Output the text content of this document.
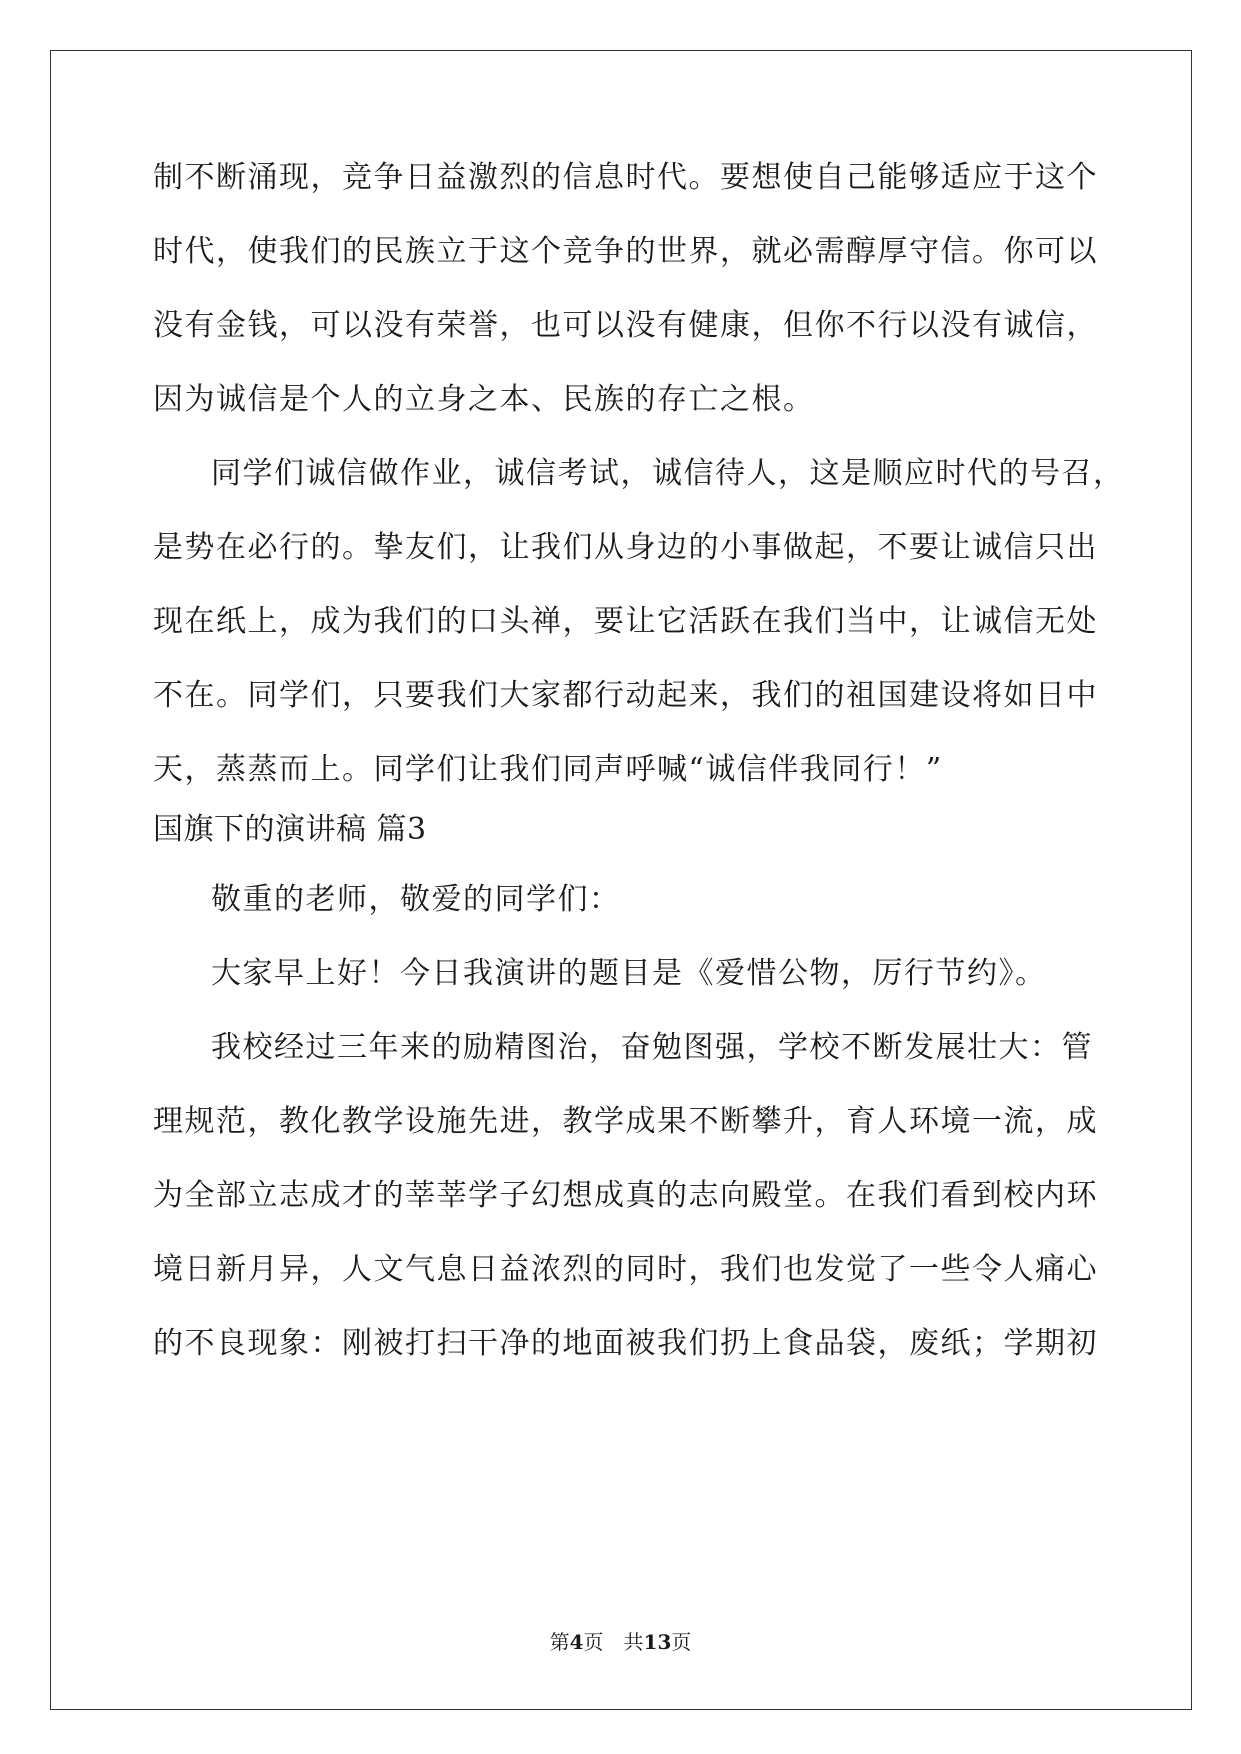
制不断涌现，竞争日益激烈的信息时代。要想使自己能够适应于这个
时代，使我们的民族立于这个竞争的世界，就必需醇厚守信。你可以
没有金钱，可以没有荣誉，也可以没有健康，但你不行以没有诚信，
因为诚信是个人的立身之本、民族的存亡之根。
同学们诚信做作业，诚信考试，诚信待人，这是顺应时代的号召，
是势在必行的。挚友们，让我们从身边的小事做起，不要让诚信只出
现在纸上，成为我们的口头禅，要让它活跃在我们当中，让诚信无处
不在。同学们，只要我们大家都行动起来，我们的祖国建设将如日中
天，蒸蒸而上。同学们让我们同声呼喊“诚信伴我同行！”
国旗下的演讲稿 篇3
敬重的老师，敬爱的同学们：
大家早上好！今日我演讲的题目是《爱惜公物，厉行节约》。
我校经过三年来的励精图治，奋勉图强，学校不断发展壮大：管
理规范，教化教学设施先进，教学成果不断攀升，育人环境一流，成
为全部立志成才的莘莘学子幻想成真的志向殿堂。在我们看到校内环
境日新月异，人文气息日益浓烈的同时，我们也发觉了一些令人痛心
的不良现象：刚被打扫干净的地面被我们扔上食品袋，废纸；学期初
第4页　共13页
